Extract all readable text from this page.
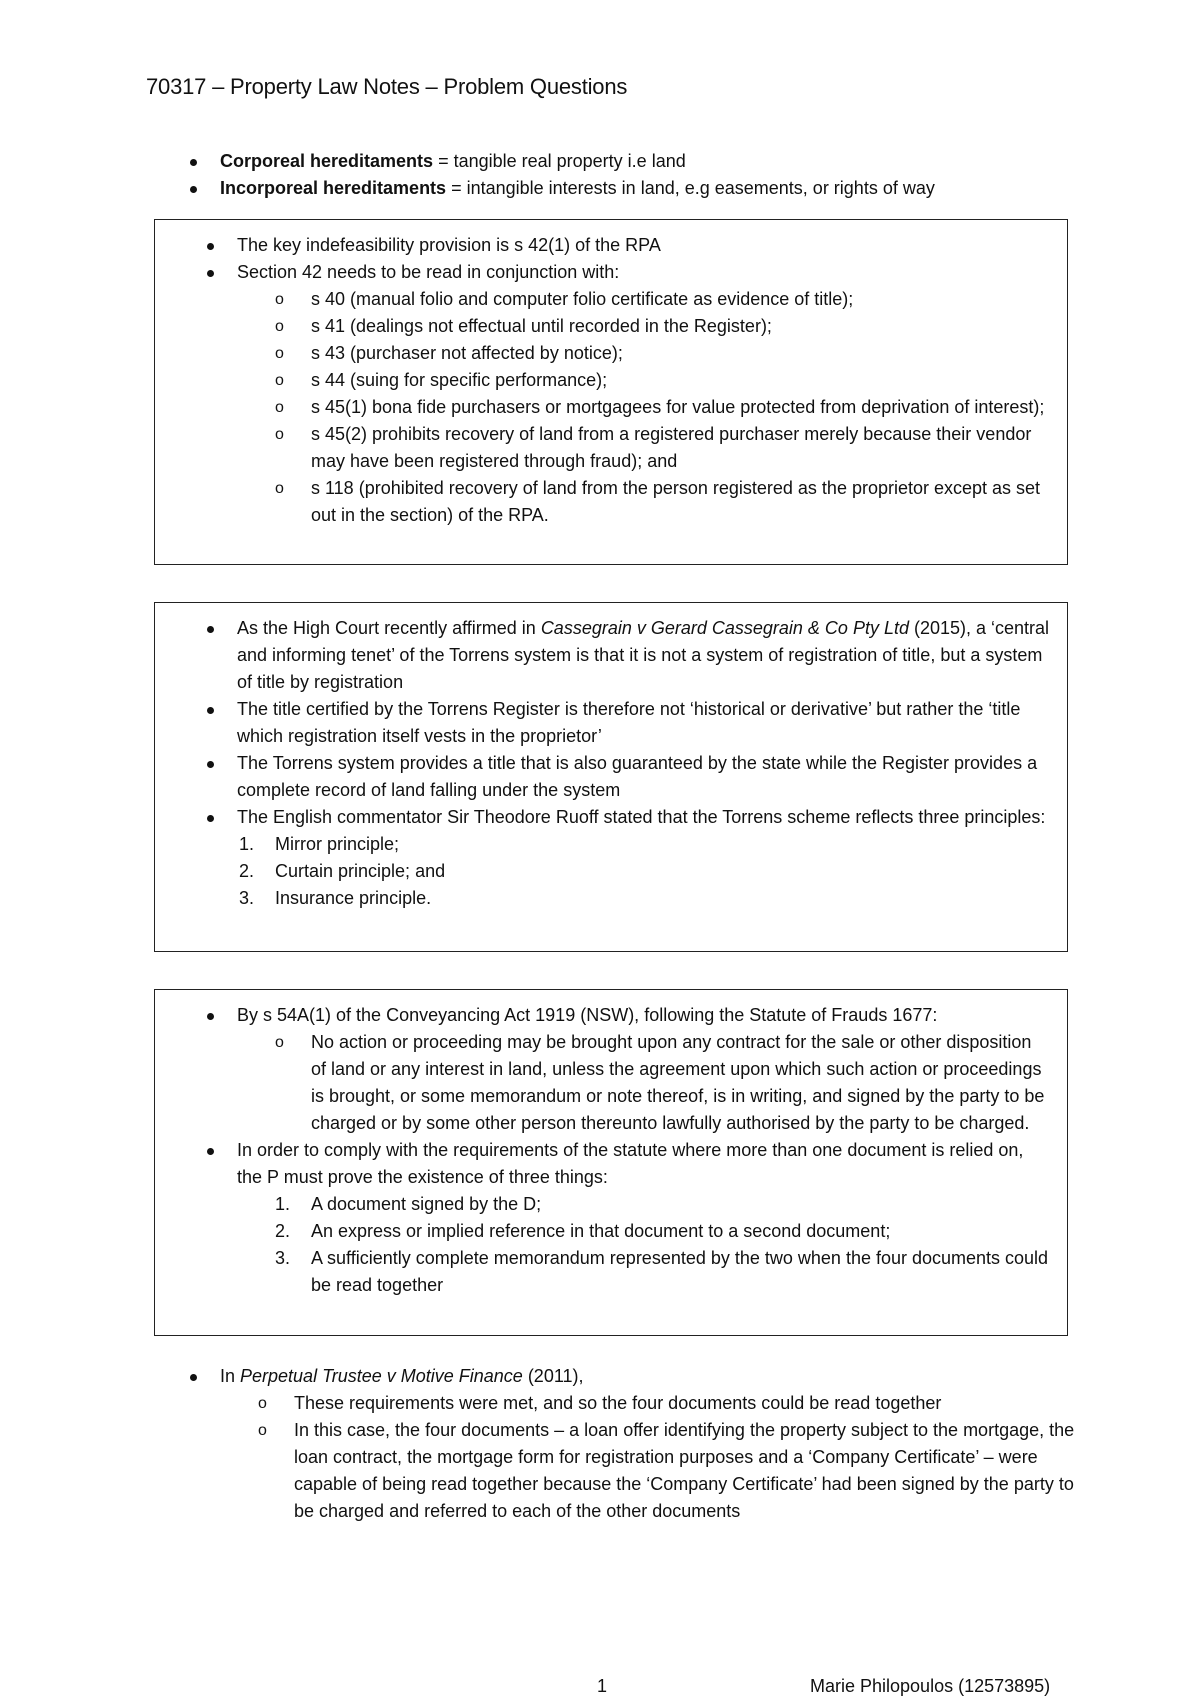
70317 – Property Law Notes – Problem Questions
Corporeal hereditaments = tangible real property i.e land
Incorporeal hereditaments = intangible interests in land, e.g easements, or rights of way
The key indefeasibility provision is s 42(1) of the RPA
Section 42 needs to be read in conjunction with:
o s 40 (manual folio and computer folio certificate as evidence of title);
o s 41 (dealings not effectual until recorded in the Register);
o s 43 (purchaser not affected by notice);
o s 44 (suing for specific performance);
o s 45(1) bona fide purchasers or mortgagees for value protected from deprivation of interest);
o s 45(2) prohibits recovery of land from a registered purchaser merely because their vendor may have been registered through fraud); and
o s 118 (prohibited recovery of land from the person registered as the proprietor except as set out in the section) of the RPA.
As the High Court recently affirmed in Cassegrain v Gerard Cassegrain & Co Pty Ltd (2015), a ‘central and informing tenet’ of the Torrens system is that it is not a system of registration of title, but a system of title by registration
The title certified by the Torrens Register is therefore not ‘historical or derivative’ but rather the ‘title which registration itself vests in the proprietor’
The Torrens system provides a title that is also guaranteed by the state while the Register provides a complete record of land falling under the system
The English commentator Sir Theodore Ruoff stated that the Torrens scheme reflects three principles:
1. Mirror principle;
2. Curtain principle; and
3. Insurance principle.
By s 54A(1) of the Conveyancing Act 1919 (NSW), following the Statute of Frauds 1677:
o No action or proceeding may be brought upon any contract for the sale or other disposition of land or any interest in land, unless the agreement upon which such action or proceedings is brought, or some memorandum or note thereof, is in writing, and signed by the party to be charged or by some other person thereunto lawfully authorised by the party to be charged.
In order to comply with the requirements of the statute where more than one document is relied on, the P must prove the existence of three things:
1. A document signed by the D;
2. An express or implied reference in that document to a second document;
3. A sufficiently complete memorandum represented by the two when the four documents could be read together
In Perpetual Trustee v Motive Finance (2011),
o These requirements were met, and so the four documents could be read together
o In this case, the four documents – a loan offer identifying the property subject to the mortgage, the loan contract, the mortgage form for registration purposes and a ‘Company Certificate’ – were capable of being read together because the ‘Company Certificate’ had been signed by the party to be charged and referred to each of the other documents
1	Marie Philopoulos (12573895)
